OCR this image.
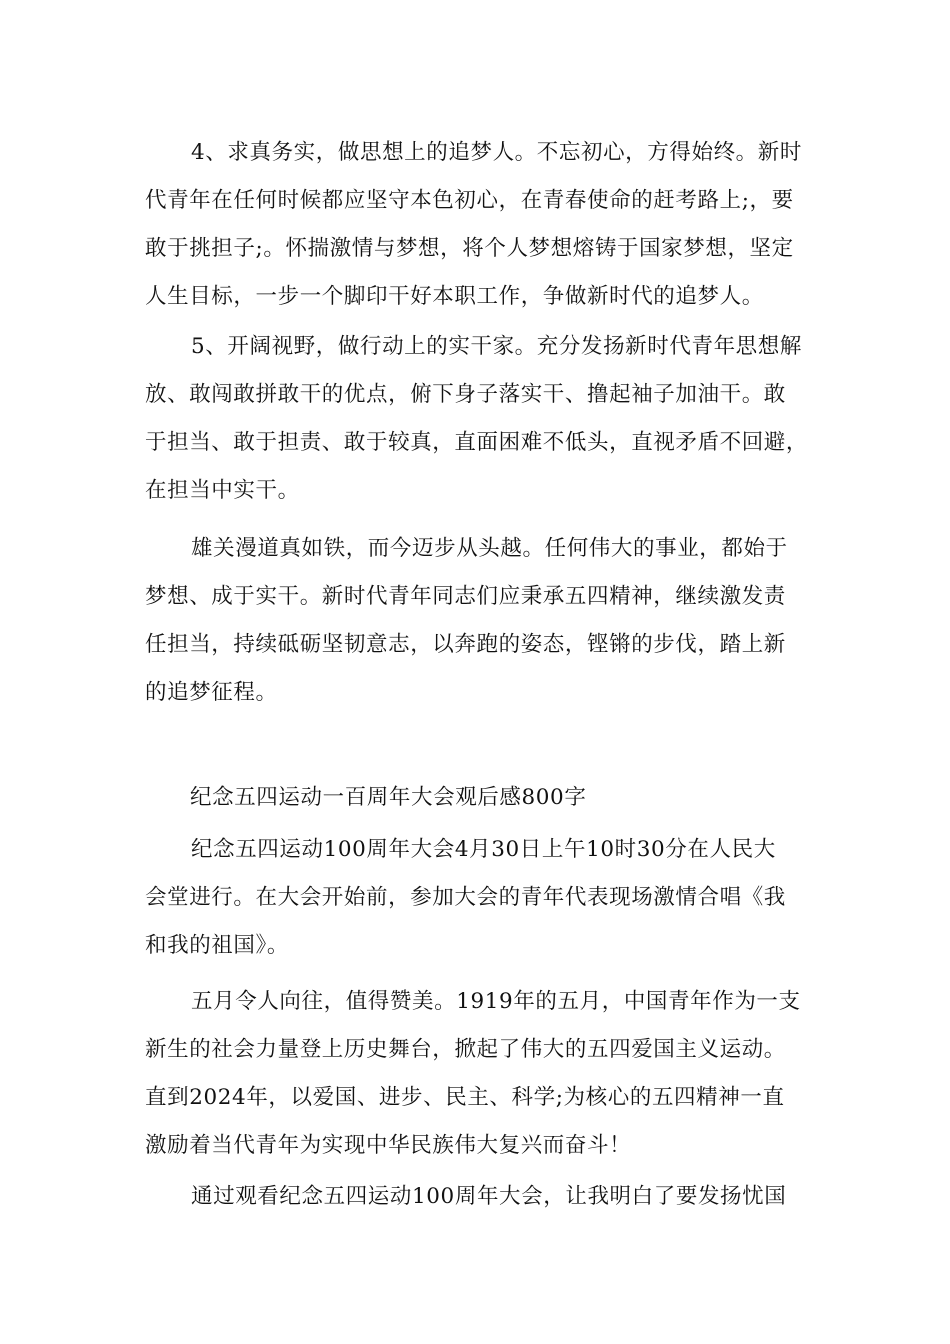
4、求真务实，做思想上的追梦人。不忘初心，方得始终。新时
代青年在任何时候都应坚守本色初心，在青春使命的赶考路上;，要
敢于挑担子;。怀揣激情与梦想，将个人梦想熔铸于国家梦想，坚定
人生目标，一步一个脚印干好本职工作，争做新时代的追梦人。
5、开阔视野，做行动上的实干家。充分发扬新时代青年思想解
放、敢闯敢拼敢干的优点，俯下身子落实干、撸起袖子加油干。敢
于担当、敢于担责、敢于较真，直面困难不低头，直视矛盾不回避，
在担当中实干。
雄关漫道真如铁，而今迈步从头越。任何伟大的事业，都始于
梦想、成于实干。新时代青年同志们应秉承五四精神，继续激发责
任担当，持续砥砺坚韧意志，以奔跑的姿态，铿锵的步伐，踏上新
的追梦征程。
纪念五四运动一百周年大会观后感800字
纪念五四运动100周年大会4月30日上午10时30分在人民大
会堂进行。在大会开始前，参加大会的青年代表现场激情合唱《我
和我的祖国》。
五月令人向往，值得赞美。1919年的五月，中国青年作为一支
新生的社会力量登上历史舞台，掀起了伟大的五四爱国主义运动。
直到2024年，以爱国、进步、民主、科学;为核心的五四精神一直
激励着当代青年为实现中华民族伟大复兴而奋斗！
通过观看纪念五四运动100周年大会，让我明白了要发扬忧国
